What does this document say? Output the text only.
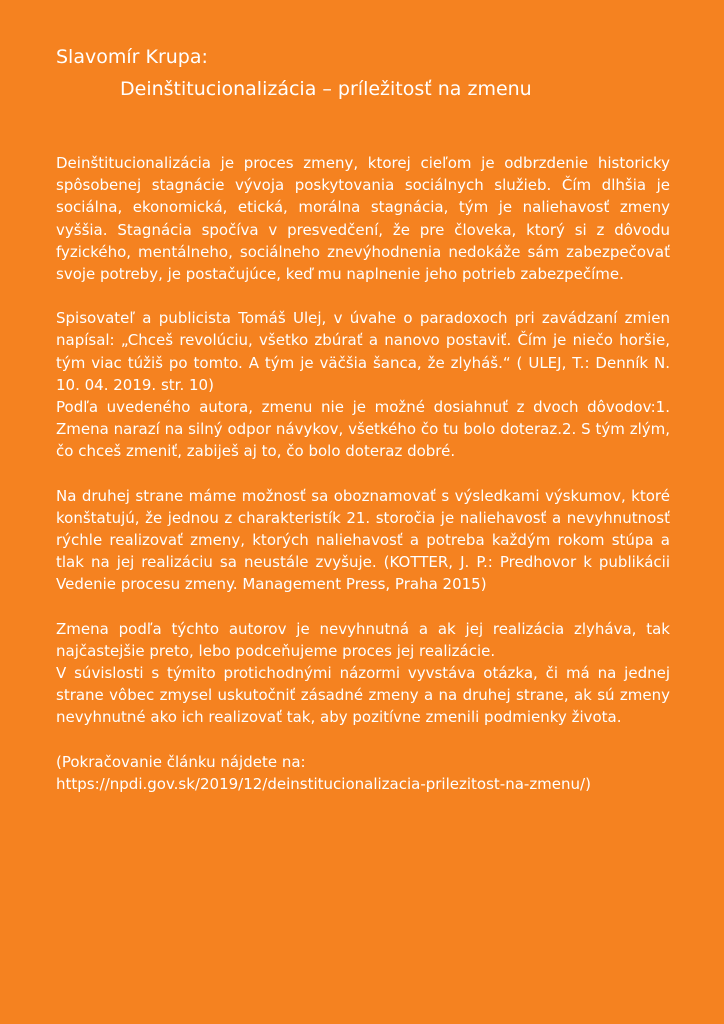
Slavomír Krupa:
Deinštitucionalizácia – príležitosť na zmenu

Deinštitucionalizácia je proces zmeny, ktorej cieľom je odbrzdenie historicky spôsobenej stagnácie vývoja poskytovania sociálnych služieb. Čím dlhšia je sociálna, ekonomická, etická, morálna stagnácia, tým je naliehavosť zmeny vyššia. Stagnácia spočíva v presvedčení, že pre človeka, ktorý si z dôvodu fyzického, mentálneho, sociálneho znevýhodnenia nedokáže sám zabezpečovať svoje potreby, je postačujúce, keď mu naplnenie jeho potrieb zabezpečíme.

Spisovateľ a publicista Tomáš Ulej, v úvahe o paradoxoch pri zavádzaní zmien napísal: „Chceš revolúciu, všetko zbúrať a nanovo postaviť. Čím je niečo horšie, tým viac túžiš po tomto. A tým je väčšia šanca, že zlyháš.“ ( ULEJ, T.: Denník N. 10. 04. 2019. str. 10)

Podľa uvedeného autora, zmenu nie je možné dosiahnuť z dvoch dôvodov:1. Zmena narazí na silný odpor návykov, všetkého čo tu bolo doteraz.2. S tým zlým, čo chceš zmeniť, zabiješ aj to, čo bolo doteraz dobré.

Na druhej strane máme možnosť sa oboznamovať s výsledkami výskumov, ktoré konštatujú, že jednou z charakteristík 21. storočia je naliehavosť a nevyhnutnosť rýchle realizovať zmeny, ktorých naliehavosť a potreba každým rokom stúpa a tlak na jej realizáciu sa neustále zvyšuje. (KOTTER, J. P.: Predhovor k publikácii Vedenie procesu zmeny. Management Press, Praha 2015)

Zmena podľa týchto autorov je nevyhnutná a ak jej realizácia zlyháva, tak najčastejšie preto, lebo podceňujeme proces jej realizácie.

V súvislosti s týmito protichodnými názormi vyvstáva otázka, či má na jednej strane vôbec zmysel uskutočniť zásadné zmeny a na druhej strane, ak sú zmeny nevyhnutné ako ich realizovať tak, aby pozitívne zmenili podmienky života.

(Pokračovanie článku nájdete na:

https://npdi.gov.sk/2019/12/deinstitucionalizacia-prilezitost-na-zmenu/)
